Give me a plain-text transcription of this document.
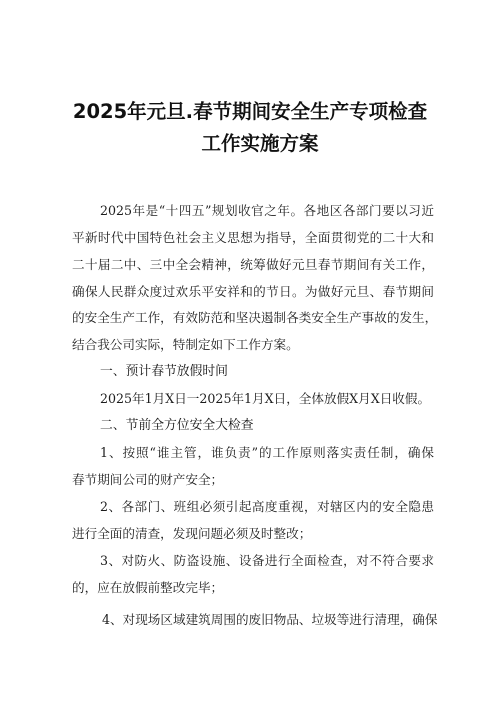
2025年元旦.春节期间安全生产专项检查
工作实施方案
2025年是“十四五”规划收官之年。各地区各部门要以习近
平新时代中国特色社会主义思想为指导，全面贯彻党的二十大和
二十届二中、三中全会精神，统筹做好元旦春节期间有关工作，
确保人民群众度过欢乐平安祥和的节日。为做好元旦、春节期间
的安全生产工作，有效防范和坚决遏制各类安全生产事故的发生，
结合我公司实际，特制定如下工作方案。
一、预计春节放假时间
2025年1月X日一2025年1月X日，全体放假X月X日收假。
二、节前全方位安全大检查
1、按照“谁主管，谁负责”的工作原则落实责任制，确保
春节期间公司的财产安全；
2、各部门、班组必须引起高度重视，对辖区内的安全隐患
进行全面的清查，发现问题必须及时整改；
3、对防火、防盗设施、设备进行全面检查，对不符合要求
的，应在放假前整改完毕；
4、对现场区域建筑周围的废旧物品、垃圾等进行清理，确保
